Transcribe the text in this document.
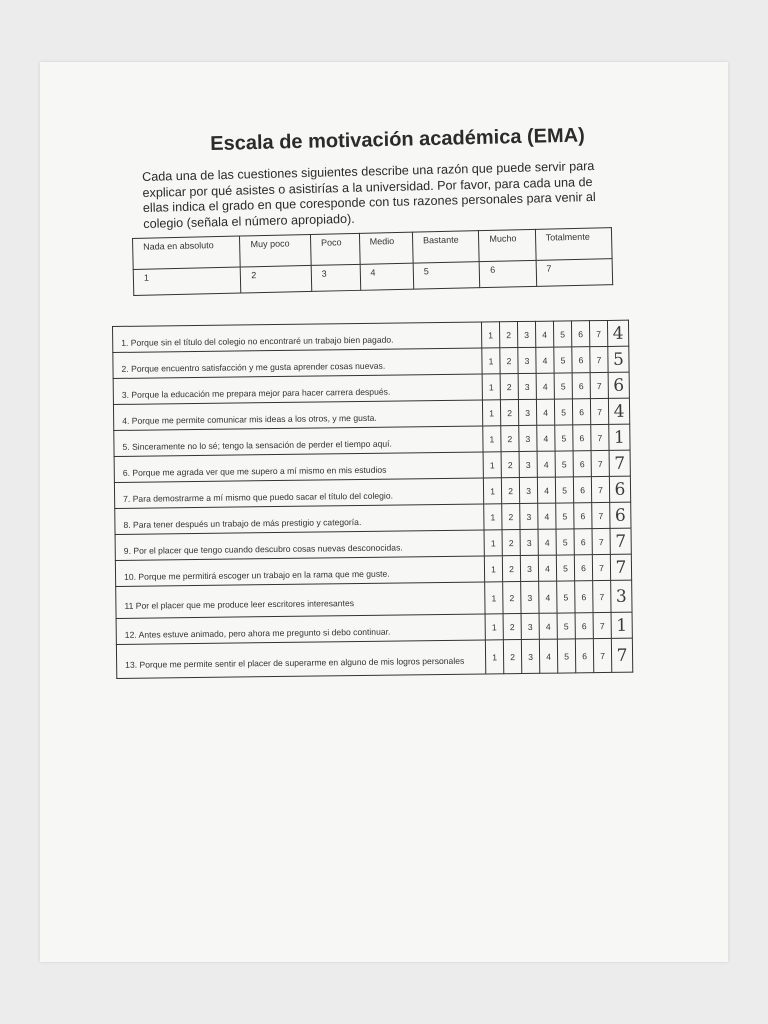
Escala de motivación académica (EMA)
Cada una de las cuestiones siguientes describe una razón que puede servir para explicar por qué asistes o asistirías a la universidad. Por favor, para cada una de ellas indica el grado en que coresponde con tus razones personales para venir al colegio (señala el número apropiado).
Nada en absoluto	Muy poco	Poco	Medio	Bastante	Mucho	Totalmente
1	2	3	4	5	6	7
1. Porque sin el título del colegio no encontraré un trabajo bien pagado.	1	2	3	4	5	6	7	4
2. Porque encuentro satisfacción y me gusta aprender cosas nuevas.	1	2	3	4	5	6	7	5
3. Porque la educación me prepara mejor para hacer carrera después.	1	2	3	4	5	6	7	6
4. Porque me permite comunicar mis ideas a los otros, y me gusta.	1	2	3	4	5	6	7	4
5. Sinceramente no lo sé; tengo la sensación de perder el tiempo aquí.	1	2	3	4	5	6	7	1
6. Porque me agrada ver que me supero a mí mismo en mis estudios	1	2	3	4	5	6	7	7
7. Para demostrarme a mí mismo que puedo sacar el título del colegio.	1	2	3	4	5	6	7	6
8. Para tener después un trabajo de más prestigio y categoría.	1	2	3	4	5	6	7	6
9. Por el placer que tengo cuando descubro cosas nuevas desconocidas.	1	2	3	4	5	6	7	7
10. Porque me permitirá escoger un trabajo en la rama que me guste.	1	2	3	4	5	6	7	7
11 Por el placer que me produce leer escritores interesantes	1	2	3	4	5	6	7	3
12. Antes estuve animado, pero ahora me pregunto si debo continuar.	1	2	3	4	5	6	7	1
13. Porque me permite sentir el placer de superarme en alguno de mis logros personales	1	2	3	4	5	6	7	7
